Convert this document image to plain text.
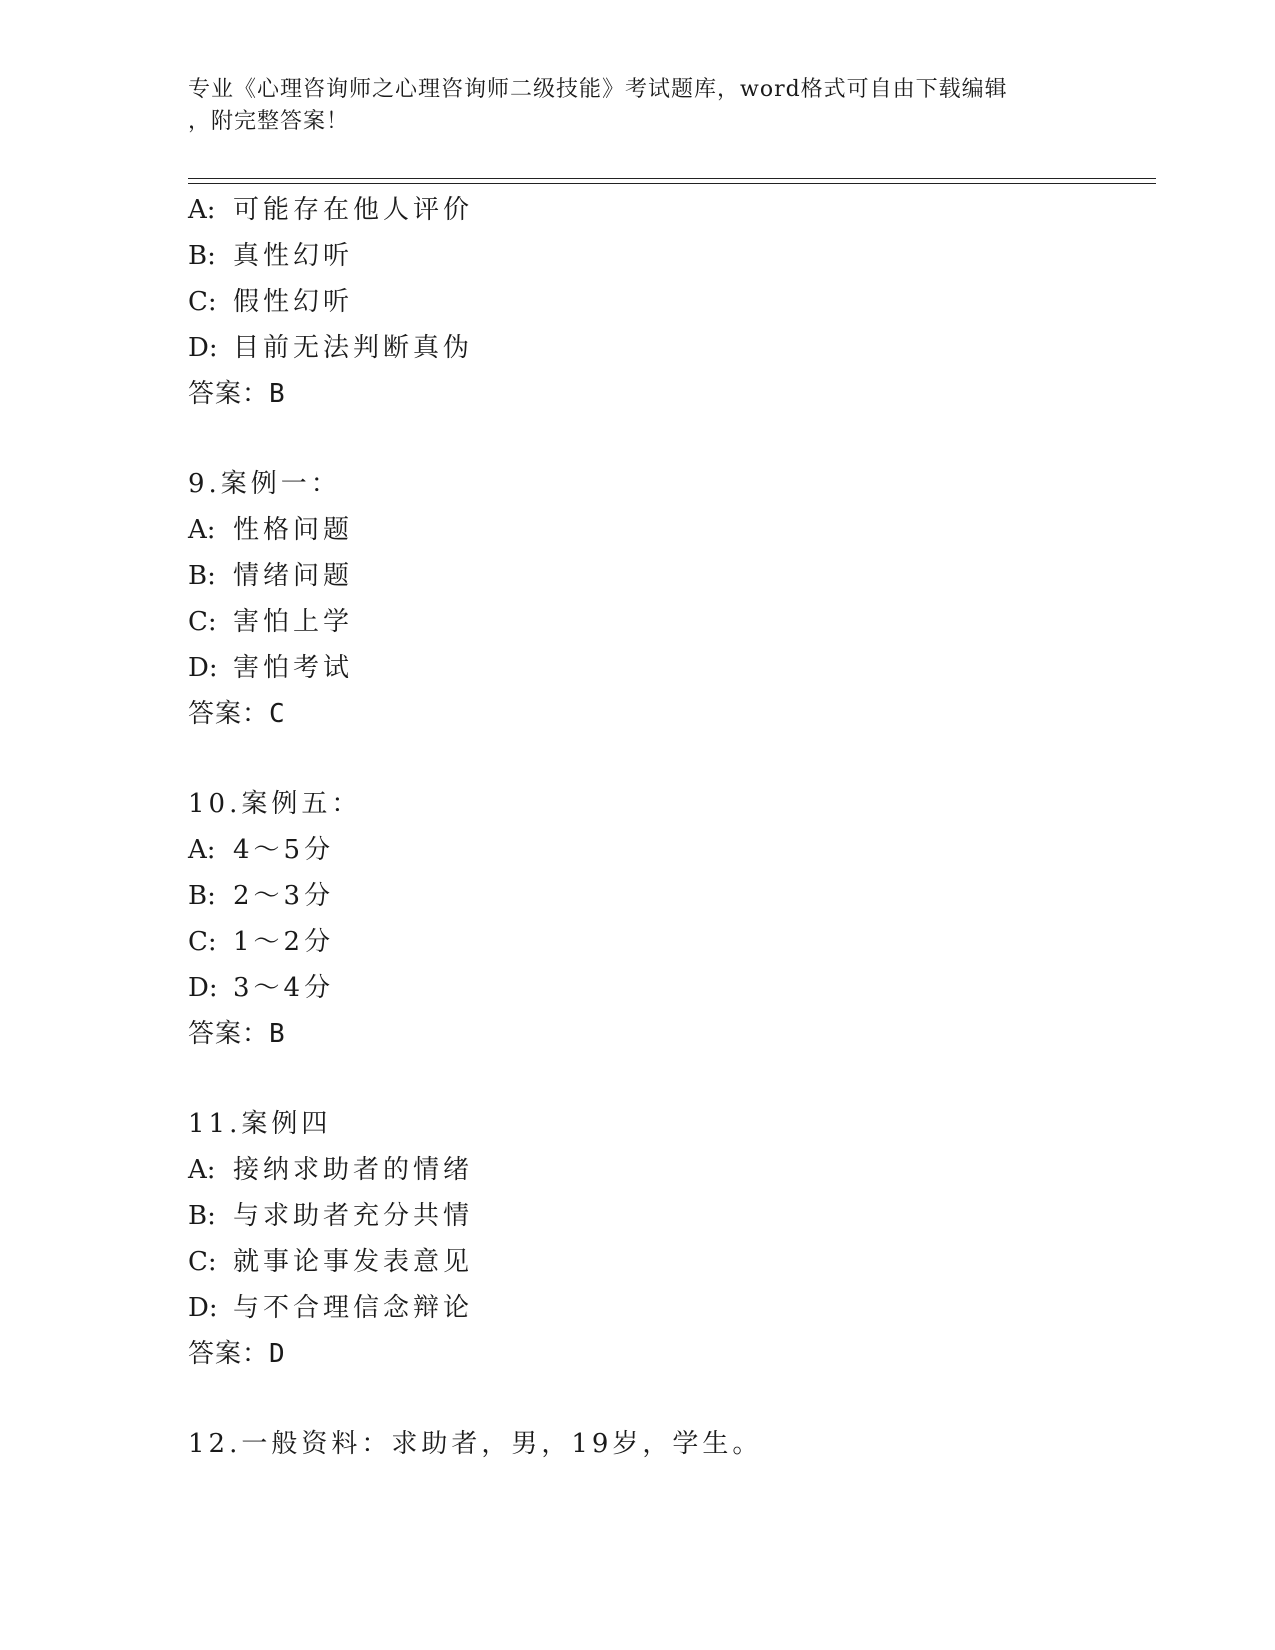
专业《心理咨询师之心理咨询师二级技能》考试题库，word格式可自由下载编辑
，附完整答案！
A: 可能存在他人评价
B: 真性幻听
C: 假性幻听
D: 目前无法判断真伪
答案：B
9.案例一：
A: 性格问题
B: 情绪问题
C: 害怕上学
D: 害怕考试
答案：C
10.案例五：
A: 4～5分
B: 2～3分
C: 1～2分
D: 3～4分
答案：B
11.案例四
A: 接纳求助者的情绪
B: 与求助者充分共情
C: 就事论事发表意见
D: 与不合理信念辩论
答案：D
12.一般资料：求助者，男，19岁，学生。
